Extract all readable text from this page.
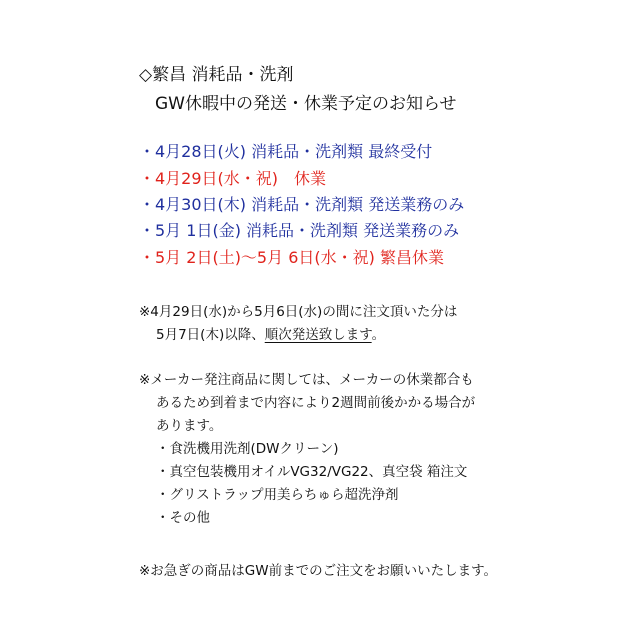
◇繁昌 消耗品・洗剤
GW休暇中の発送・休業予定のお知らせ
・4月28日(火) 消耗品・洗剤類 最終受付
・4月29日(水・祝)　休業
・4月30日(木) 消耗品・洗剤類 発送業務のみ
・5月 1日(金) 消耗品・洗剤類 発送業務のみ
・5月 2日(土)～5月 6日(水・祝) 繁昌休業
※4月29日(水)から5月6日(水)の間に注文頂いた分は
5月7日(木)以降、順次発送致します。
※メーカー発注商品に関しては、メーカーの休業都合も
あるため到着まで内容により2週間前後かかる場合が
あります。
・食洗機用洗剤(DWクリーン)
・真空包装機用オイルVG32/VG22、真空袋 箱注文
・グリストラップ用美らちゅら超洗浄剤
・その他
※お急ぎの商品はGW前までのご注文をお願いいたします。
